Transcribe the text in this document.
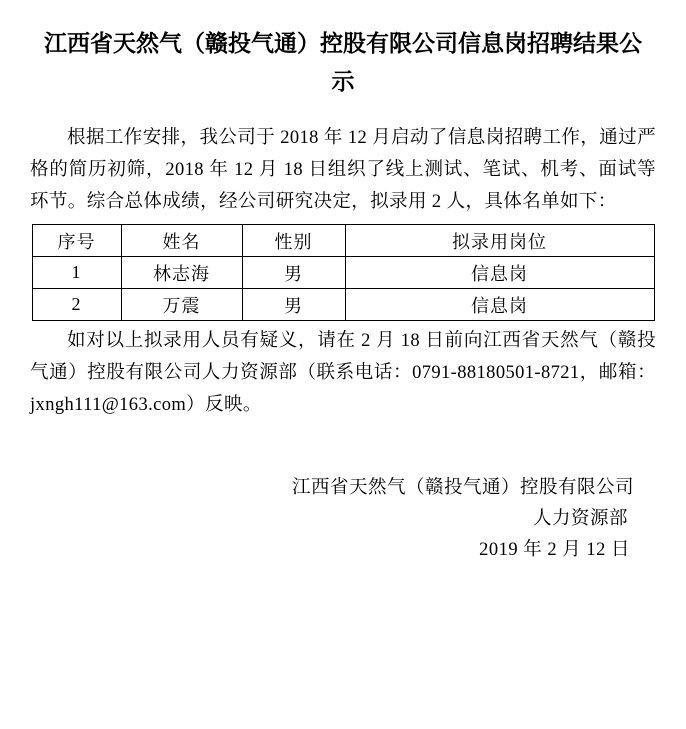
江西省天然气（赣投气通）控股有限公司信息岗招聘结果公示

根据工作安排，我公司于 2018 年 12 月启动了信息岗招聘工作，通过严格的简历初筛，2018 年 12 月 18 日组织了线上测试、笔试、机考、面试等环节。综合总体成绩，经公司研究决定，拟录用 2 人，具体名单如下：

序号	姓名	性别	拟录用岗位
1	林志海	男	信息岗
2	万震	男	信息岗

如对以上拟录用人员有疑义，请在 2 月 18 日前向江西省天然气（赣投气通）控股有限公司人力资源部（联系电话：0791-88180501-8721，邮箱：jxngh111@163.com）反映。

江西省天然气（赣投气通）控股有限公司
人力资源部
2019 年 2 月 12 日
